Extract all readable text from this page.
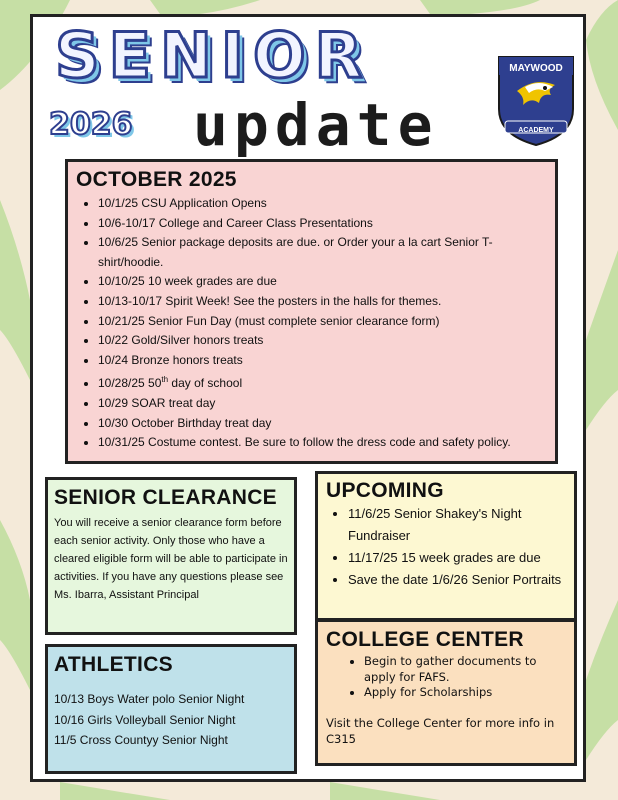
SENIOR
2026 update
MAYWOOD
ACADEMY
OCTOBER 2025
• 10/1/25 CSU Application Opens
• 10/6-10/17 College and Career Class Presentations
• 10/6/25 Senior package deposits are due. or Order your a la cart Senior T-shirt/hoodie.
• 10/10/25 10 week grades are due
• 10/13-10/17 Spirit Week! See the posters in the halls for themes.
• 10/21/25 Senior Fun Day (must complete senior clearance form)
• 10/22 Gold/Silver honors treats
• 10/24 Bronze honors treats
• 10/28/25 50th day of school
• 10/29 SOAR treat day
• 10/30 October Birthday treat day
• 10/31/25 Costume contest. Be sure to follow the dress code and safety policy.
SENIOR CLEARANCE

You will receive a senior clearance form before each senior activity. Only those who have a cleared eligible form will be able to participate in activities. If you have any questions please see

Ms. Ibarra, Assistant Principal

ATHLETICS
10/13 Boys Water polo Senior Night
10/16 Girls Volleyball Senior Night
11/5 Cross Countyy Senior Night
UPCOMING
• 11/6/25 Senior Shakey's Night Fundraiser
• 11/17/25 15 week grades are due
• Save the date 1/6/26 Senior Portraits
COLLEGE CENTER
• Begin to gather documents to apply for FAFS.
• Apply for Scholarships

Visit the College Center for more info in C315
